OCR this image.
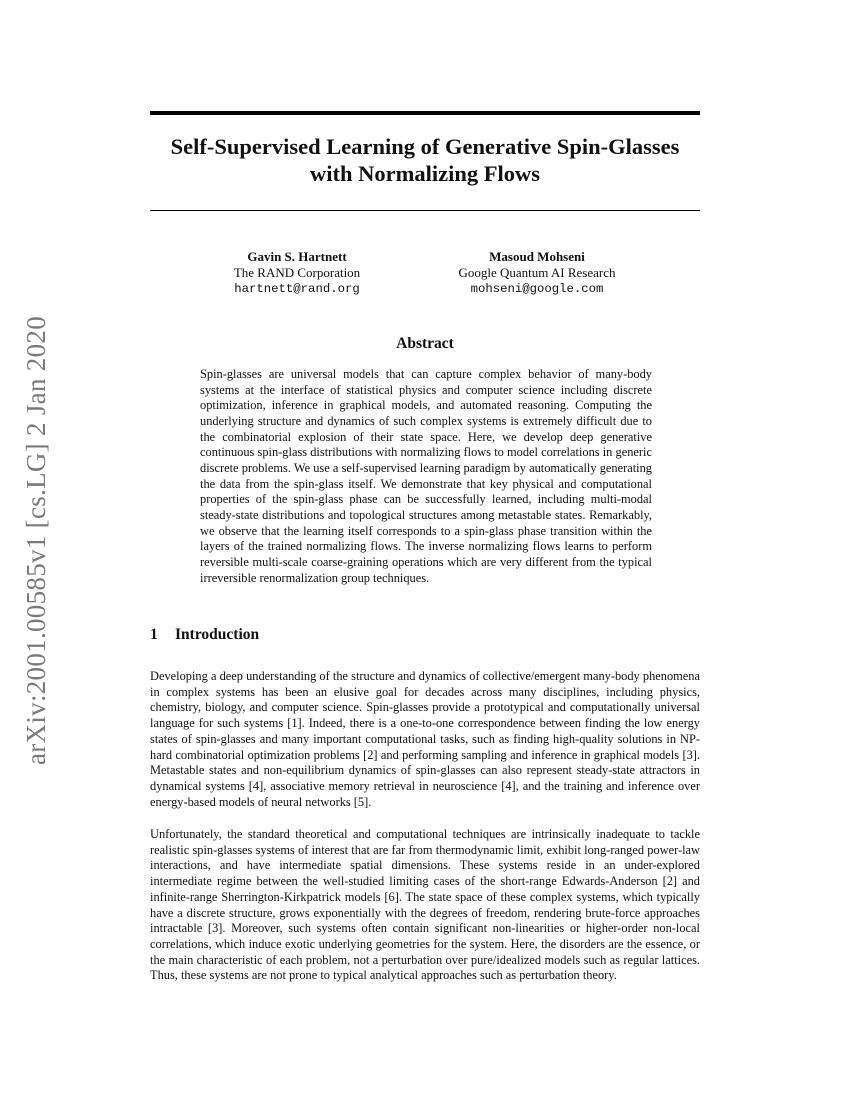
arXiv:2001.00585v1 [cs.LG] 2 Jan 2020
Self-Supervised Learning of Generative Spin-Glasses
with Normalizing Flows
Gavin S. Hartnett
The RAND Corporation
hartnett@rand.org
Masoud Mohseni
Google Quantum AI Research
mohseni@google.com
Abstract

Spin-glasses are universal models that can capture complex behavior of many-body systems at the interface of statistical physics and computer science including discrete optimization, inference in graphical models, and automated reasoning. Computing the underlying structure and dynamics of such complex systems is extremely difficult due to the combinatorial explosion of their state space. Here, we develop deep generative continuous spin-glass distributions with normalizing flows to model correlations in generic discrete problems. We use a self-supervised learning paradigm by automatically generating the data from the spin-glass itself. We demonstrate that key physical and computational properties of the spin-glass phase can be successfully learned, including multi-modal steady-state distributions and topological structures among metastable states. Remarkably, we observe that the learning itself corresponds to a spin-glass phase transition within the layers of the trained normalizing flows. The inverse normalizing flows learns to perform reversible multi-scale coarse-graining operations which are very different from the typical irreversible renormalization group techniques.

1 Introduction

Developing a deep understanding of the structure and dynamics of collective/emergent many-body phenomena in complex systems has been an elusive goal for decades across many disciplines, including physics, chemistry, biology, and computer science. Spin-glasses provide a prototypical and computationally universal language for such systems [1]. Indeed, there is a one-to-one correspondence between finding the low energy states of spin-glasses and many important computational tasks, such as finding high-quality solutions in NP-hard combinatorial optimization problems [2] and performing sampling and inference in graphical models [3]. Metastable states and non-equilibrium dynamics of spin-glasses can also represent steady-state attractors in dynamical systems [4], associative memory retrieval in neuroscience [4], and the training and inference over energy-based models of neural networks [5].

Unfortunately, the standard theoretical and computational techniques are intrinsically inadequate to tackle realistic spin-glasses systems of interest that are far from thermodynamic limit, exhibit long-ranged power-law interactions, and have intermediate spatial dimensions. These systems reside in an under-explored intermediate regime between the well-studied limiting cases of the short-range Edwards-Anderson [2] and infinite-range Sherrington-Kirkpatrick models [6]. The state space of these complex systems, which typically have a discrete structure, grows exponentially with the degrees of freedom, rendering brute-force approaches intractable [3]. Moreover, such systems often contain significant non-linearities or higher-order non-local correlations, which induce exotic underlying geometries for the system. Here, the disorders are the essence, or the main characteristic of each problem, not a perturbation over pure/idealized models such as regular lattices. Thus, these systems are not prone to typical analytical approaches such as perturbation theory.
